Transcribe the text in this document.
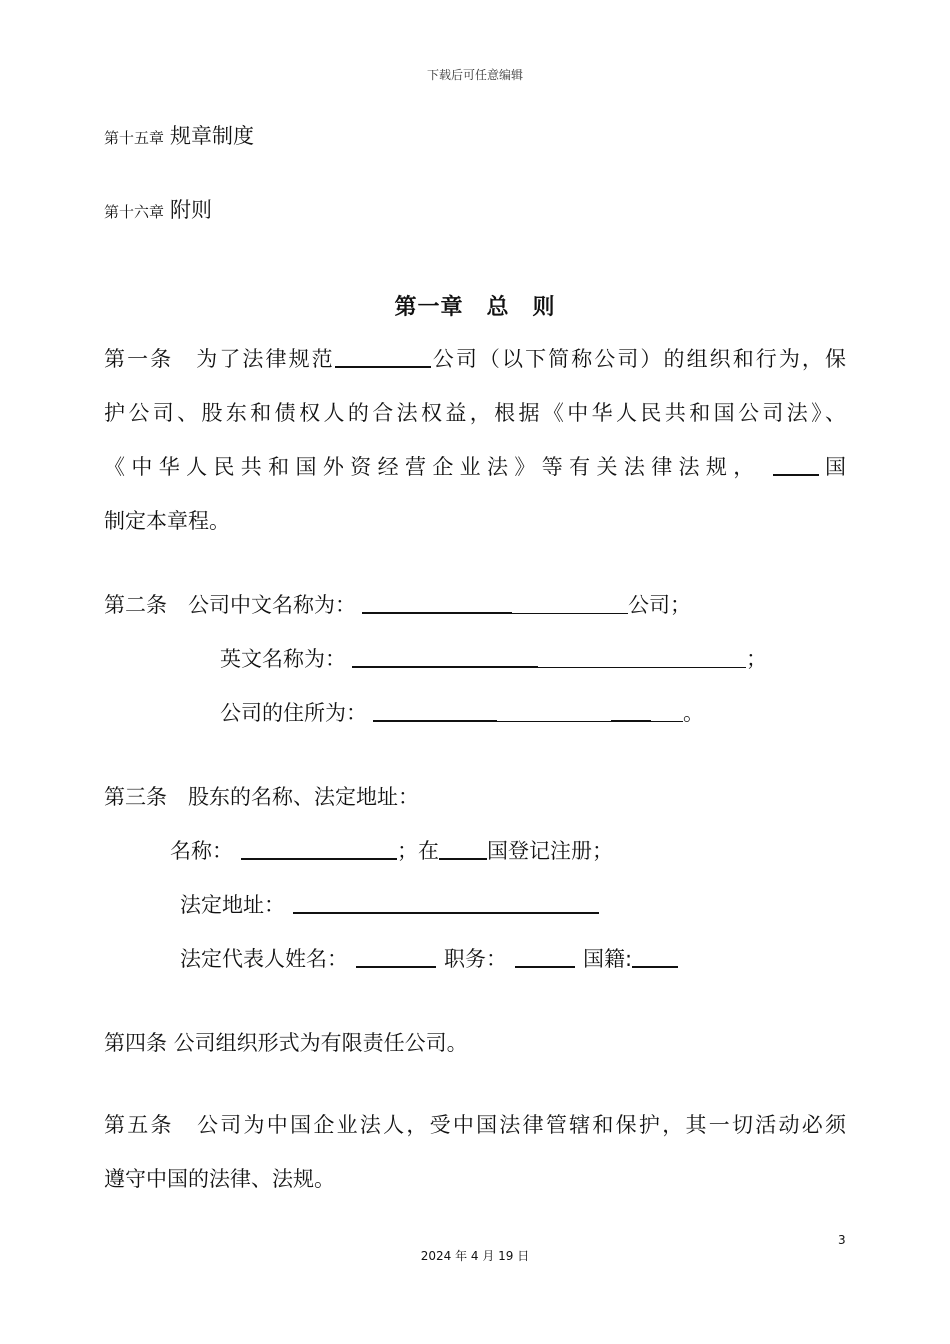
下载后可任意编辑
第十五章 规章制度
第十六章 附则
第一章　总　则
第一条　为了法律规范	公司（以下简称公司）的组织和行为，保
护公司、股东和债权人的合法权益，根据《中华人民共和国公司法》、
《中华人民共和国外资经营企业法》等有关法律法规，	国
制定本章程。
第二条　公司中文名称为：	公司；
英文名称为：	；
公司的住所为：	。
第三条　股东的名称、法定地址：
名称：	；在 国登记注册；
法定地址：
法定代表人姓名：	职务：	国籍:
第四条 公司组织形式为有限责任公司。
第五条　公司为中国企业法人，受中国法律管辖和保护，其一切活动必须
遵守中国的法律、法规。
3
2024 年 4 月 19 日
